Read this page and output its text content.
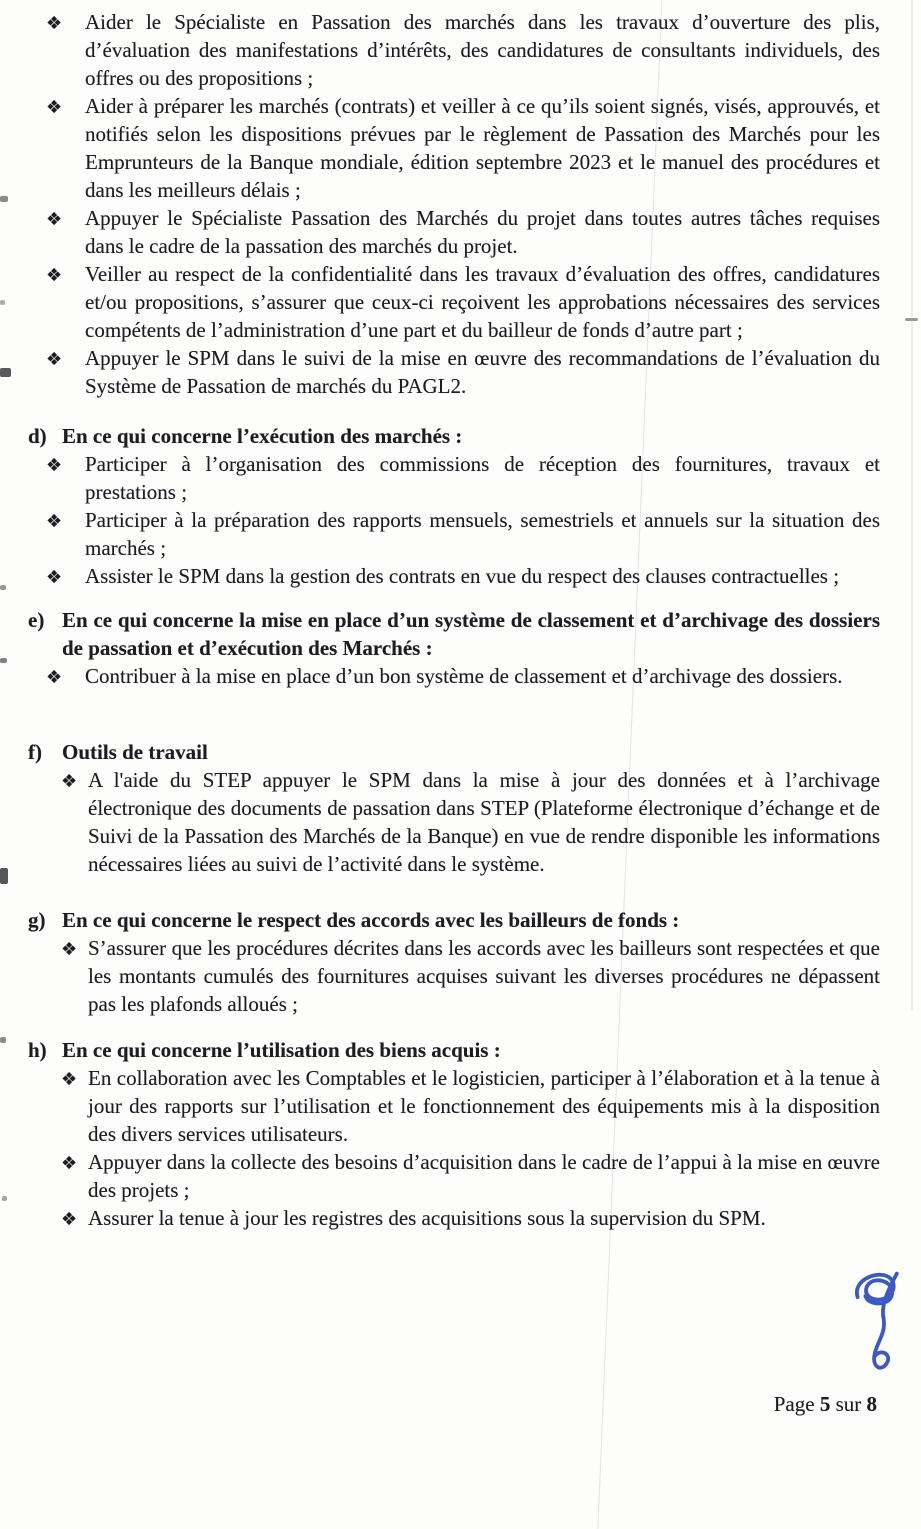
❖ Aider le Spécialiste en Passation des marchés dans les travaux d’ouverture des plis, d’évaluation des manifestations d’intérêts, des candidatures de consultants individuels, des offres ou des propositions ;
❖ Aider à préparer les marchés (contrats) et veiller à ce qu’ils soient signés, visés, approuvés, et notifiés selon les dispositions prévues par le règlement de Passation des Marchés pour les Emprunteurs de la Banque mondiale, édition septembre 2023 et le manuel des procédures et dans les meilleurs délais ;
❖ Appuyer le Spécialiste Passation des Marchés du projet dans toutes autres tâches requises dans le cadre de la passation des marchés du projet.
❖ Veiller au respect de la confidentialité dans les travaux d’évaluation des offres, candidatures et/ou propositions, s’assurer que ceux-ci reçoivent les approbations nécessaires des services compétents de l’administration d’une part et du bailleur de fonds d’autre part ;
❖ Appuyer le SPM dans le suivi de la mise en œuvre des recommandations de l’évaluation du Système de Passation de marchés du PAGL2.
d) En ce qui concerne l’exécution des marchés :
❖ Participer à l’organisation des commissions de réception des fournitures, travaux et prestations ;
❖ Participer à la préparation des rapports mensuels, semestriels et annuels sur la situation des marchés ;
❖ Assister le SPM dans la gestion des contrats en vue du respect des clauses contractuelles ;
e) En ce qui concerne la mise en place d’un système de classement et d’archivage des dossiers de passation et d’exécution des Marchés :
❖ Contribuer à la mise en place d’un bon système de classement et d’archivage des dossiers.
f) Outils de travail
❖ A l'aide du STEP appuyer le SPM dans la mise à jour des données et à l’archivage électronique des documents de passation dans STEP (Plateforme électronique d’échange et de Suivi de la Passation des Marchés de la Banque) en vue de rendre disponible les informations nécessaires liées au suivi de l’activité dans le système.
g) En ce qui concerne le respect des accords avec les bailleurs de fonds :
❖ S’assurer que les procédures décrites dans les accords avec les bailleurs sont respectées et que les montants cumulés des fournitures acquises suivant les diverses procédures ne dépassent pas les plafonds alloués ;
h) En ce qui concerne l’utilisation des biens acquis :
❖ En collaboration avec les Comptables et le logisticien, participer à l’élaboration et à la tenue à jour des rapports sur l’utilisation et le fonctionnement des équipements mis à la disposition des divers services utilisateurs.
❖ Appuyer dans la collecte des besoins d’acquisition dans le cadre de l’appui à la mise en œuvre des projets ;
❖ Assurer la tenue à jour les registres des acquisitions sous la supervision du SPM.
Page 5 sur 8
